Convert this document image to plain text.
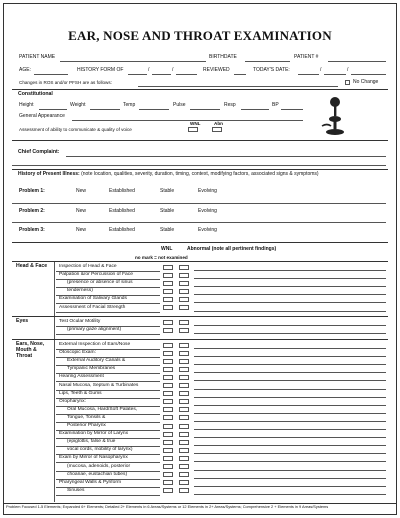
EAR, NOSE AND THROAT EXAMINATION
PATIENT NAME	BIRTHDATE	PATIENT #
AGE:	HISTORY FORM OF	/	/	REVIEWED	TODAY'S DATE:	/	/
Changes in ROS and/or PFSH are as follows:	No Change
Constitutional
Height	Weight	Temp	Pulse	Resp	BP
General Appearance
WNL	Abn
Assessment of ability to communicate & quality of voice
Chief Complaint:
History of Present Illness: (note location, qualities, severity, duration, timing, context, modifying factors, associated signs & symptoms)
Problem 1:	New	Established	Stable	Evolving
Problem 2:	New	Established	Stable	Evolving
Problem 3:	New	Established	Stable	Evolving
WNL	Abnormal (note all pertinent findings)
no mark = not examined
Head & Face	Inspection of Head & Face
Palpation &/or Percussion of Face
(presence or absence of sinus
tenderness)
Examination of Salivary Glands
Assessment of Facial Strength
Eyes	Test Ocular Motility
(primary gaze alignment)
Ears, Nose, Mouth & Throat
External Inspection of Ears/Nose
Otoscopic Exam:
External Auditory Canals &
Tympanic Membranes
Hearing Assessment
Nasal Mucosa, Septum & Turbinates
Lips, Teeth & Gums
Oropharynx:
Oral Mucosa, Hard/Soft Palates,
Tongue, Tonsils &
Posterior Pharynx
Examination by Mirror of Larynx
(epiglottis, false & true
vocal cords, mobility of larynx)
Exam by Mirror of Nasopharynx
(mucosa, adenoids, posterior
choanae, eustachian tubes)
Pharyngeal Walls & Pyriform
Sinuses
Problem Focused 1-5 Elements; Expanded 6+ Elements; Detailed 2+ Elements in 6 Areas/Systems or 12 Elements in 2+ Areas/Systems; Comprehensive 2 + Elements in 9 Areas/Systems
